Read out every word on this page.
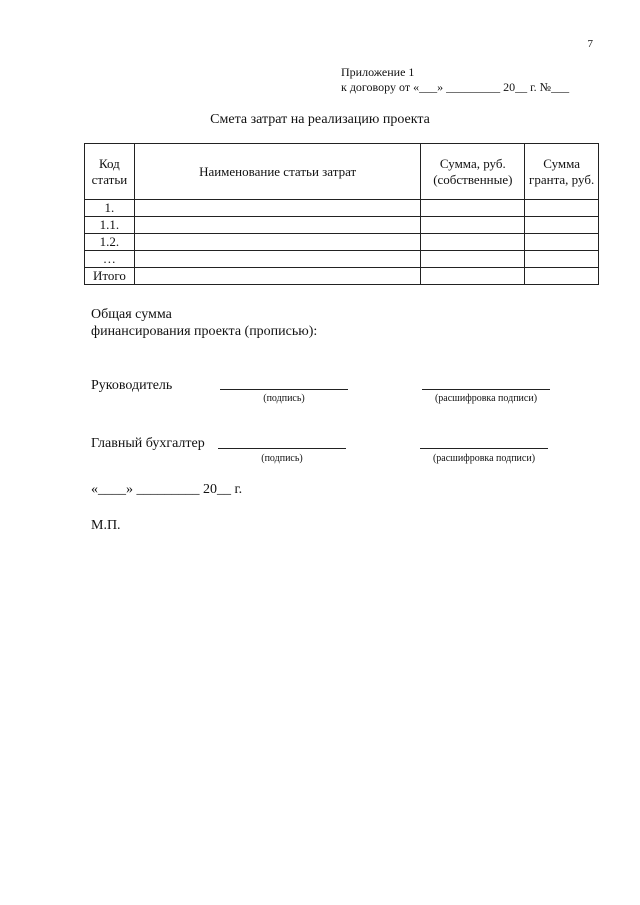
7
Приложение 1
к договору от «___» _________ 20__ г. №___
Смета затрат на реализацию проекта
Код статьи	Наименование статьи затрат	Сумма, руб. (собственные)	Сумма гранта, руб.
1.			
1.1.			
1.2.			
…			
Итого			
Общая сумма
финансирования проекта (прописью):
Руководитель
(подпись)	(расшифровка подписи)
Главный бухгалтер
(подпись)	(расшифровка подписи)
«____» _________ 20__ г.
М.П.
